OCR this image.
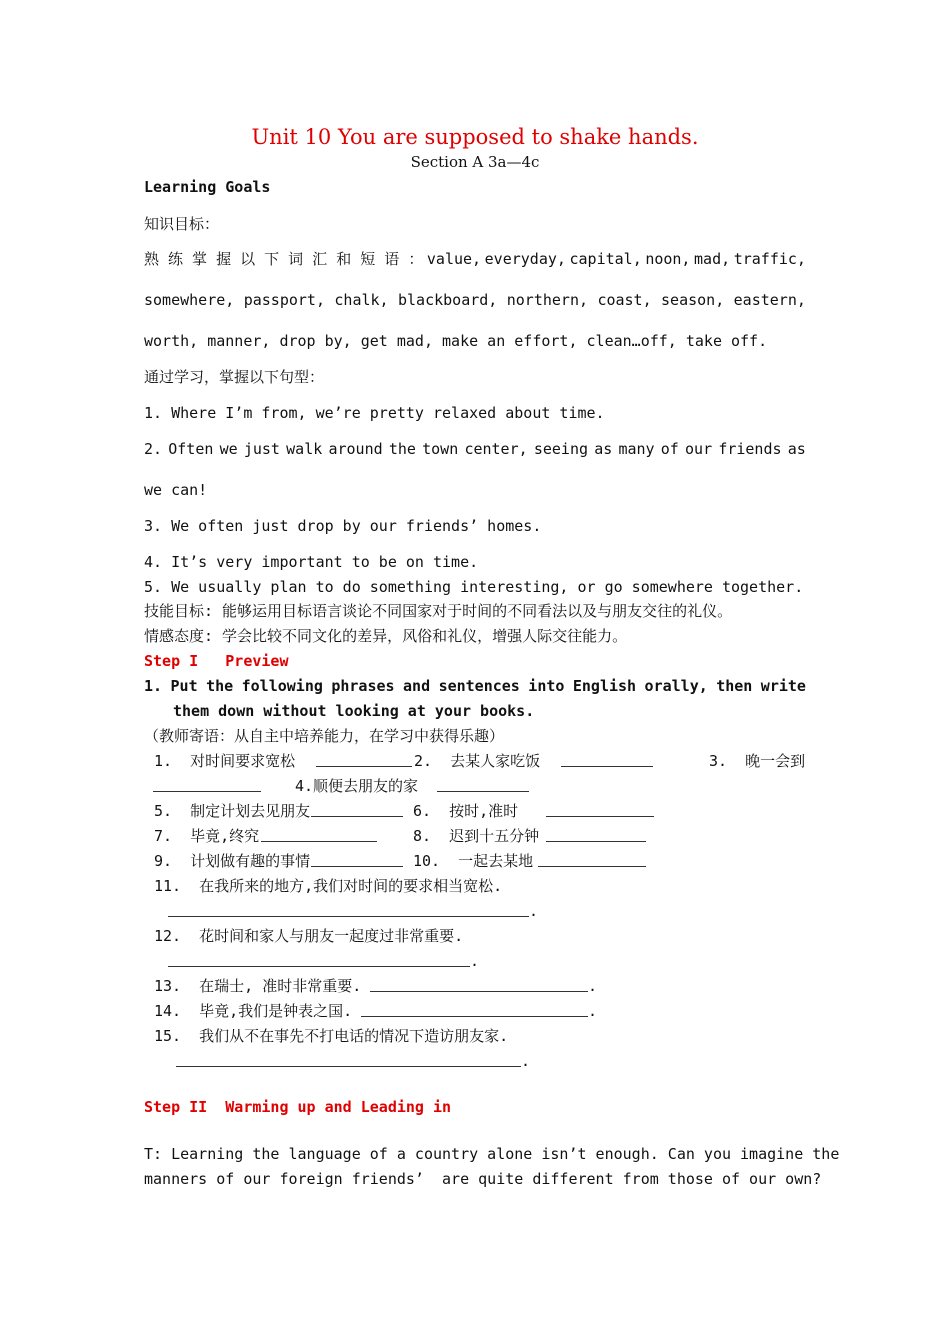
Unit 10 You are supposed to shake hands.
Section A 3a—4c
Learning Goals
知识目标：
熟 练 掌 握 以 下 词 汇 和 短 语 ： value, everyday, capital, noon, mad, traffic,
somewhere, passport, chalk, blackboard, northern, coast, season, eastern,
worth, manner, drop by, get mad, make an effort, clean…off, take off.
通过学习，掌握以下句型：
1. Where I’m from, we’re pretty relaxed about time.
2. Often we just walk around the town center, seeing as many of our friends as
we can!
3. We often just drop by our friends’ homes.
4. It’s very important to be on time.
5. We usually plan to do something interesting, or go somewhere together.
技能目标: 能够运用目标语言谈论不同国家对于时间的不同看法以及与朋友交往的礼仪。
情感态度: 学会比较不同文化的差异，风俗和礼仪，增强人际交往能力。
Step I   Preview
1. Put the following phrases and sentences into English orally, then write
them down without looking at your books.
（教师寄语：从自主中培养能力，在学习中获得乐趣）
1.  对时间要求宽松	2.  去某人家吃饭	3.  晚一会到
4.顺便去朋友的家
5.  制定计划去见朋友	6.  按时,准时
7.  毕竟,终究	8.  迟到十五分钟
9.  计划做有趣的事情	10.  一起去某地
11.  在我所来的地方,我们对时间的要求相当宽松.
.
12.  花时间和家人与朋友一起度过非常重要.
.
13.  在瑞士, 准时非常重要.	.
14.  毕竟,我们是钟表之国.	.
15.  我们从不在事先不打电话的情况下造访朋友家.
.
Step II  Warming up and Leading in
T: Learning the language of a country alone isn’t enough. Can you imagine the
manners of our foreign friends’  are quite different from those of our own?
